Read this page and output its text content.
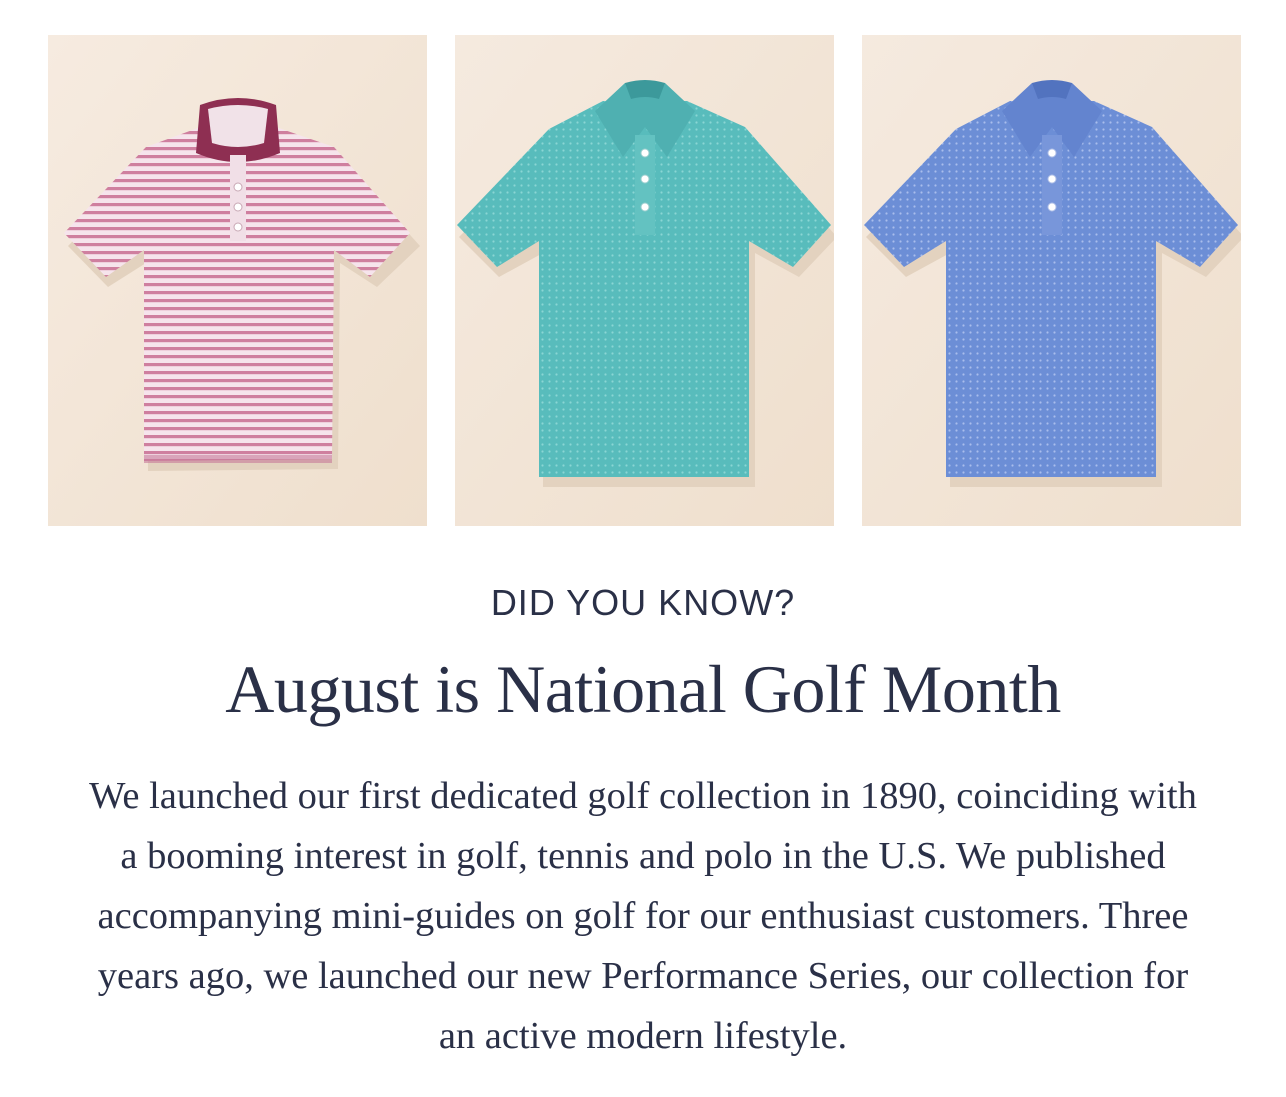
DID YOU KNOW?
August is National Golf Month

We launched our first dedicated golf collection in 1890, coinciding with a booming interest in golf, tennis and polo in the U.S. We published accompanying mini-guides on golf for our enthusiast customers. Three years ago, we launched our new Performance Series, our collection for an active modern lifestyle.
